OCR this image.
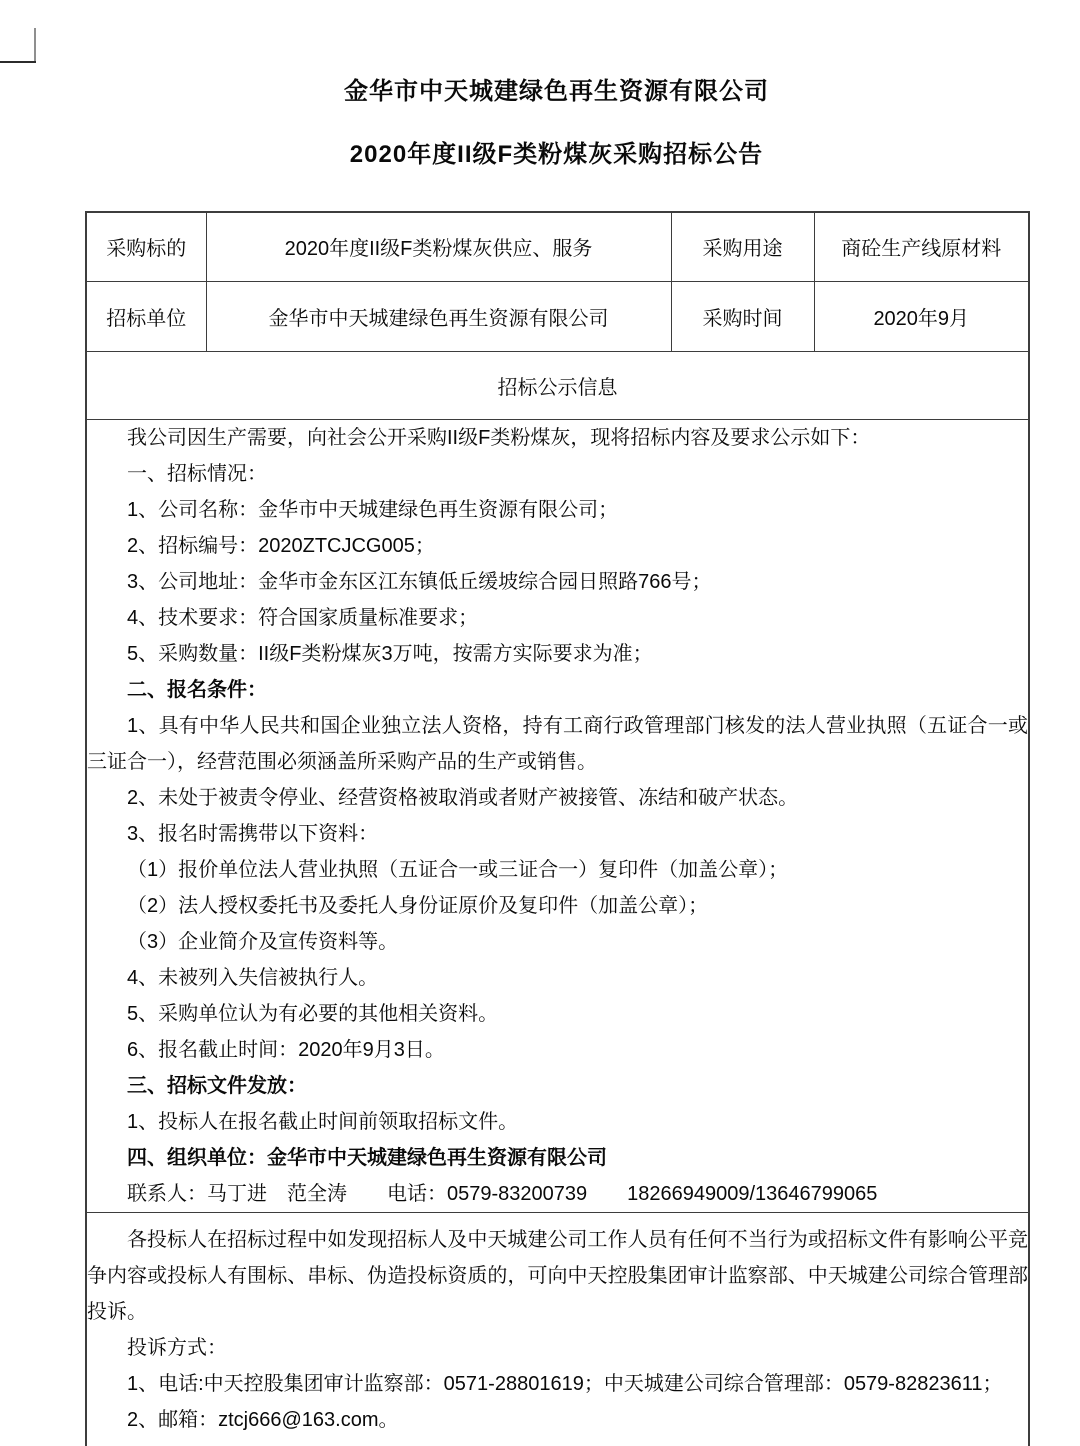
金华市中天城建绿色再生资源有限公司
2020年度II级F类粉煤灰采购招标公告
采购标的	2020年度II级F类粉煤灰供应、服务	采购用途	商砼生产线原材料
招标单位	金华市中天城建绿色再生资源有限公司	采购时间	2020年9月
招标公示信息			

我公司因生产需要，向社会公开采购II级F类粉煤灰，现将招标内容及要求公示如下：

一、招标情况：

1、公司名称：金华市中天城建绿色再生资源有限公司；

2、招标编号：2020ZTCJCG005；

3、公司地址：金华市金东区江东镇低丘缓坡综合园日照路766号；

4、技术要求：符合国家质量标准要求；

5、采购数量：II级F类粉煤灰3万吨，按需方实际要求为准；

二、报名条件：

1、具有中华人民共和国企业独立法人资格，持有工商行政管理部门核发的法人营业执照（五证合一或三证合一），经营范围必须涵盖所采购产品的生产或销售。

2、未处于被责令停业、经营资格被取消或者财产被接管、冻结和破产状态。

3、报名时需携带以下资料：

（1）报价单位法人营业执照（五证合一或三证合一）复印件（加盖公章）；

（2）法人授权委托书及委托人身份证原价及复印件（加盖公章）；

（3）企业简介及宣传资料等。

4、未被列入失信被执行人。

5、采购单位认为有必要的其他相关资料。

6、报名截止时间：2020年9月3日。

三、招标文件发放：

1、投标人在报名截止时间前领取招标文件。

四、组织单位：金华市中天城建绿色再生资源有限公司

联系人：马丁进　范全涛　　电话：0579-83200739　　18266949009/13646799065

各投标人在招标过程中如发现招标人及中天城建公司工作人员有任何不当行为或招标文件有影响公平竞争内容或投标人有围标、串标、伪造投标资质的，可向中天控股集团审计监察部、中天城建公司综合管理部投诉。

投诉方式：

1、电话:中天控股集团审计监察部：0571-28801619；中天城建公司综合管理部：0579-82823611；

2、邮箱：ztcj666@163.com。			
